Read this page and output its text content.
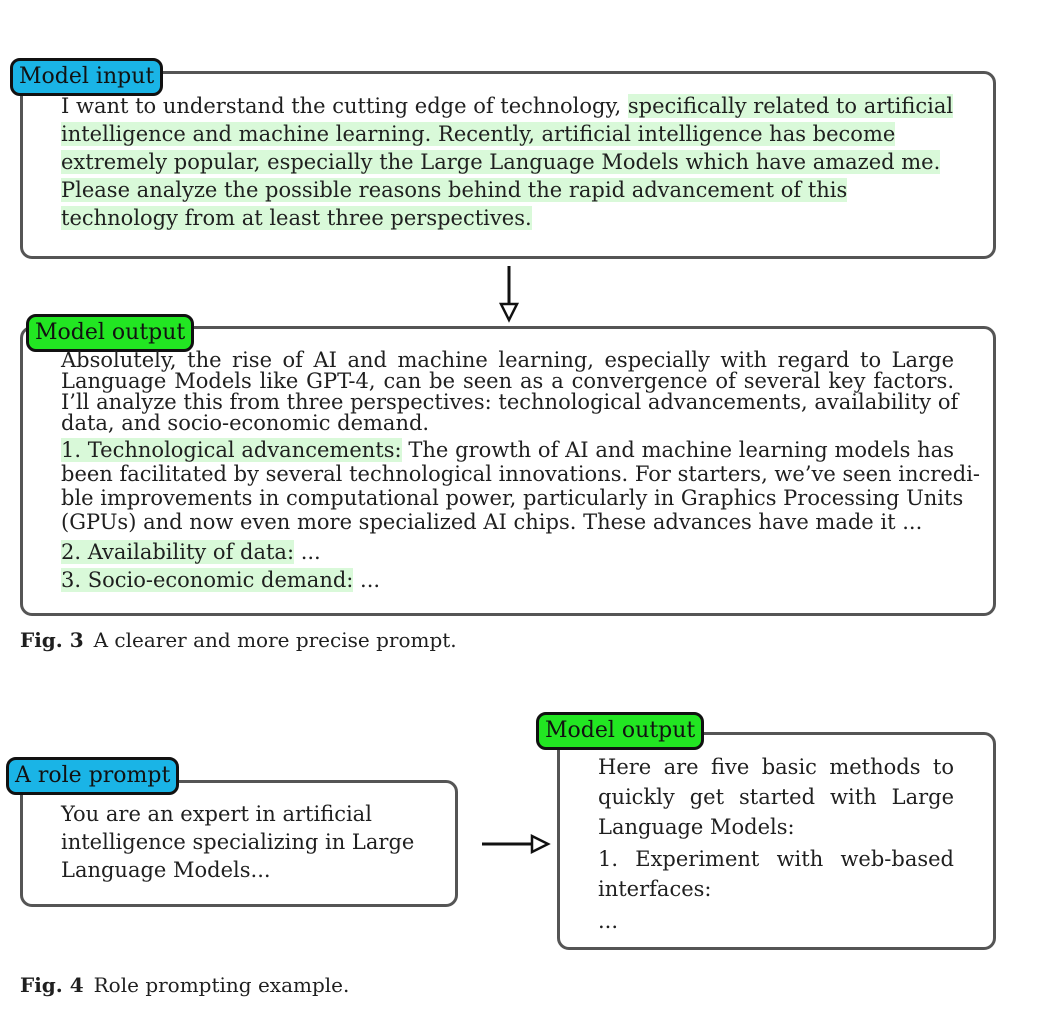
Model input
I want to understand the cutting edge of technology, specifically related to artificial
intelligence and machine learning. Recently, artificial intelligence has become
extremely popular, especially the Large Language Models which have amazed me.
Please analyze the possible reasons behind the rapid advancement of this
technology from at least three perspectives.
Model output
Absolutely, the rise of AI and machine learning, especially with regard to Large
Language Models like GPT-4, can be seen as a convergence of several key factors.
I’ll analyze this from three perspectives: technological advancements, availability of
data, and socio-economic demand.
1. Technological advancements: The growth of AI and machine learning models has
been facilitated by several technological innovations. For starters, we’ve seen incredi-
ble improvements in computational power, particularly in Graphics Processing Units
(GPUs) and now even more specialized AI chips. These advances have made it ...
2. Availability of data: ...
3. Socio-economic demand: ...
Fig. 3 A clearer and more precise prompt.
A role prompt
You are an expert in artificial
intelligence specializing in Large
Language Models...
Model output
Here are five basic methods to
quickly get started with Large
Language Models:
1. Experiment with web-based
interfaces:
...
Fig. 4 Role prompting example.
